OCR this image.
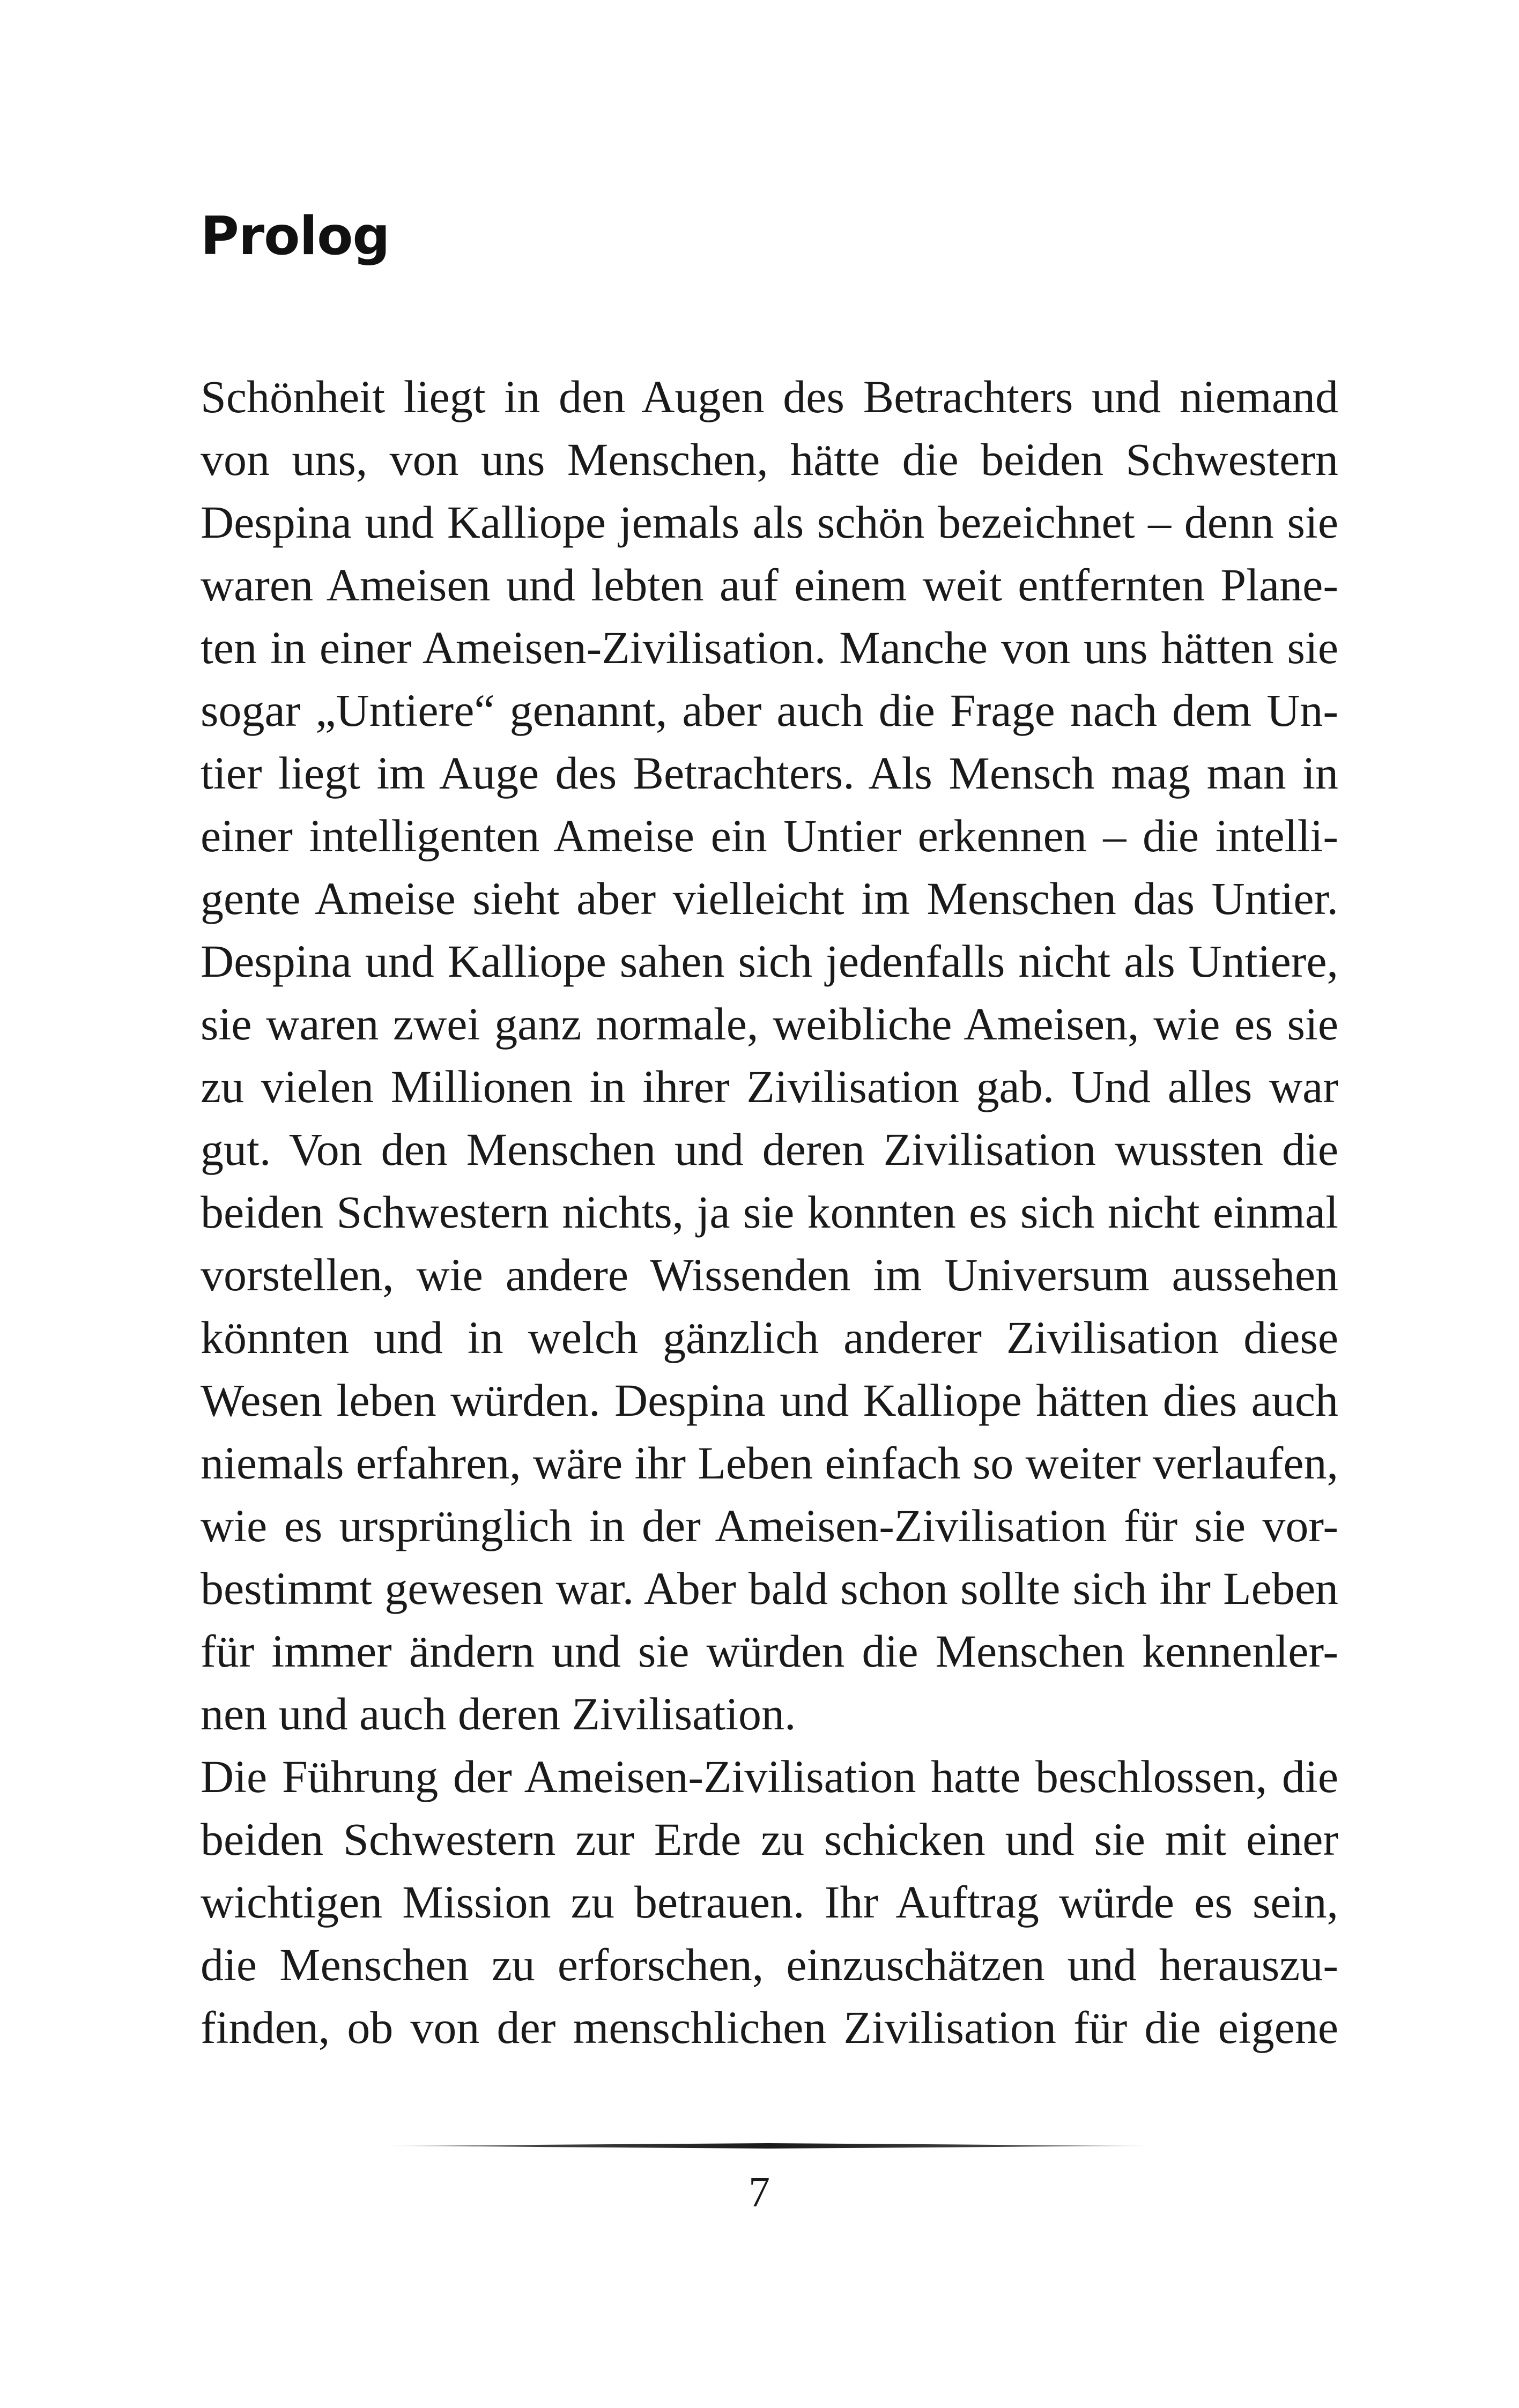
Prolog
Schönheit liegt in den Augen des Betrachters und niemand
von uns, von uns Menschen, hätte die beiden Schwestern
Despina und Kalliope jemals als schön bezeichnet – denn sie
waren Ameisen und lebten auf einem weit entfernten Plane-
ten in einer Ameisen-Zivilisation. Manche von uns hätten sie
sogar „Untiere“ genannt, aber auch die Frage nach dem Un-
tier liegt im Auge des Betrachters. Als Mensch mag man in
einer intelligenten Ameise ein Untier erkennen – die intelli-
gente Ameise sieht aber vielleicht im Menschen das Untier.
Despina und Kalliope sahen sich jedenfalls nicht als Untiere,
sie waren zwei ganz normale, weibliche Ameisen, wie es sie
zu vielen Millionen in ihrer Zivilisation gab. Und alles war
gut. Von den Menschen und deren Zivilisation wussten die
beiden Schwestern nichts, ja sie konnten es sich nicht einmal
vorstellen, wie andere Wissenden im Universum aussehen
könnten und in welch gänzlich anderer Zivilisation diese
Wesen leben würden. Despina und Kalliope hätten dies auch
niemals erfahren, wäre ihr Leben einfach so weiter verlaufen,
wie es ursprünglich in der Ameisen-Zivilisation für sie vor-
bestimmt gewesen war. Aber bald schon sollte sich ihr Leben
für immer ändern und sie würden die Menschen kennenler-
nen und auch deren Zivilisation.
Die Führung der Ameisen-Zivilisation hatte beschlossen, die
beiden Schwestern zur Erde zu schicken und sie mit einer
wichtigen Mission zu betrauen. Ihr Auftrag würde es sein,
die Menschen zu erforschen, einzuschätzen und herauszu-
finden, ob von der menschlichen Zivilisation für die eigene
7
